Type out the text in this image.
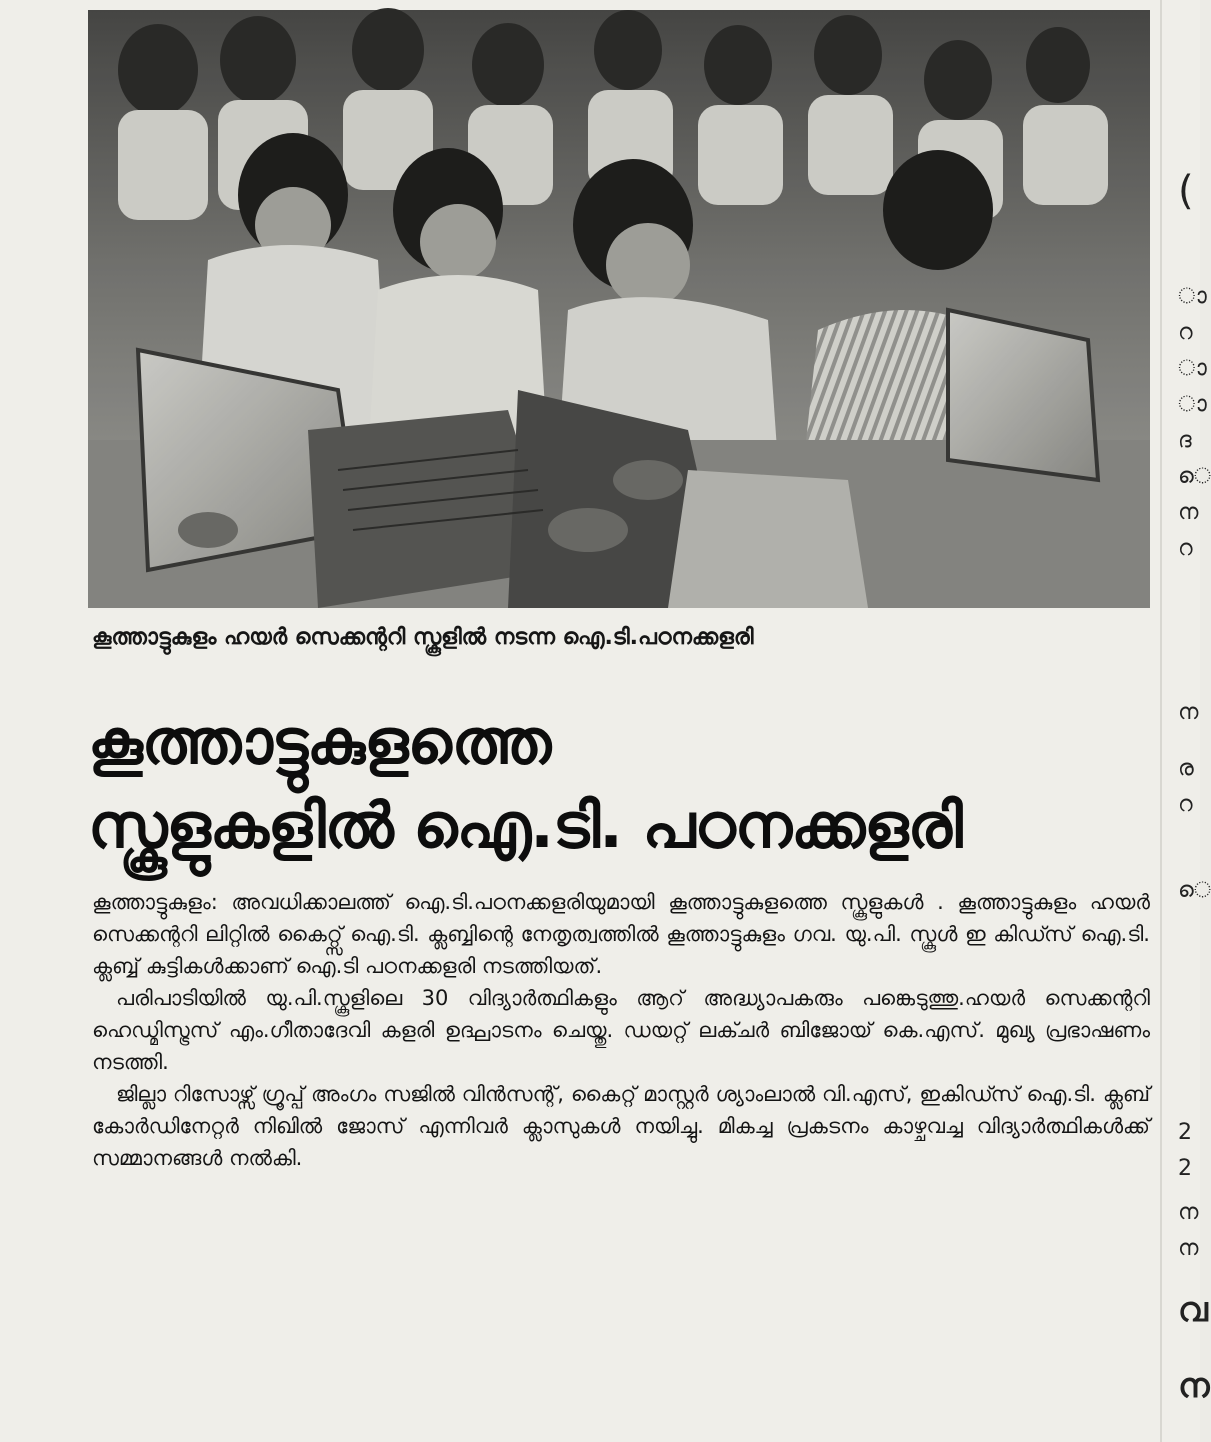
കൂത്താട്ടുകുളം ഹയർ സെക്കന്ററി സ്കൂളിൽ നടന്ന ഐ.ടി.പഠനക്കളരി

കൂത്താട്ടുകുളത്തെ
സ്കൂളുകളിൽ ഐ.ടി. പഠനക്കളരി

കൂത്താട്ടുകുളം: അവധിക്കാലത്ത് ഐ.ടി.പഠനക്കളരിയുമായി കൂത്താട്ടുകുളത്തെ സ്കൂളുകൾ . കൂത്താട്ടുകുളം ഹയർ സെക്കന്ററി ലിറ്റിൽ കൈറ്റ്സ് ഐ.ടി. ക്ലബ്ബിന്റെ നേതൃത്വത്തിൽ കൂത്താട്ടുകുളം ഗവ. യു.പി. സ്കൂൾ ഇ കിഡ്സ് ഐ.ടി. ക്ലബ്ബ് കുട്ടികൾക്കാണ് ഐ.ടി പഠനക്കളരി നടത്തിയത്.

പരിപാടിയിൽ യു.പി.സ്കൂളിലെ 30 വിദ്യാർത്ഥികളും ആറ് അദ്ധ്യാപകരും പങ്കെടുത്തു.ഹയർ സെക്കന്ററി ഹെഡ്മിസ്ട്രസ് എം.ഗീതാദേവി കളരി ഉദ്ഘാടനം ചെയ്തു. ഡയറ്റ് ലക്ചർ ബിജോയ് കെ.എസ്. മുഖ്യ പ്രഭാഷണം നടത്തി.

ജില്ലാ റിസോഴ്സ് ഗ്രൂപ്പ് അംഗം സജിൽ വിൻസന്റ്, കൈറ്റ് മാസ്റ്റർ ശ്യാംലാൽ വി.എസ്, ഇകിഡ്സ് ഐ.ടി. ക്ലബ് കോർഡിനേറ്റർ നിഖിൽ ജോസ് എന്നിവർ ക്ലാസുകൾ നയിച്ചു. മികച്ച പ്രകടനം കാഴ്ചവച്ച വിദ്യാർത്ഥികൾക്ക് സമ്മാനങ്ങൾ നൽകി.

(
ാ
റ
ാ
ാ
ദ
െ
ന
റ
ന
ര
റ
െ
2
2
ന
ന
വ
ന
